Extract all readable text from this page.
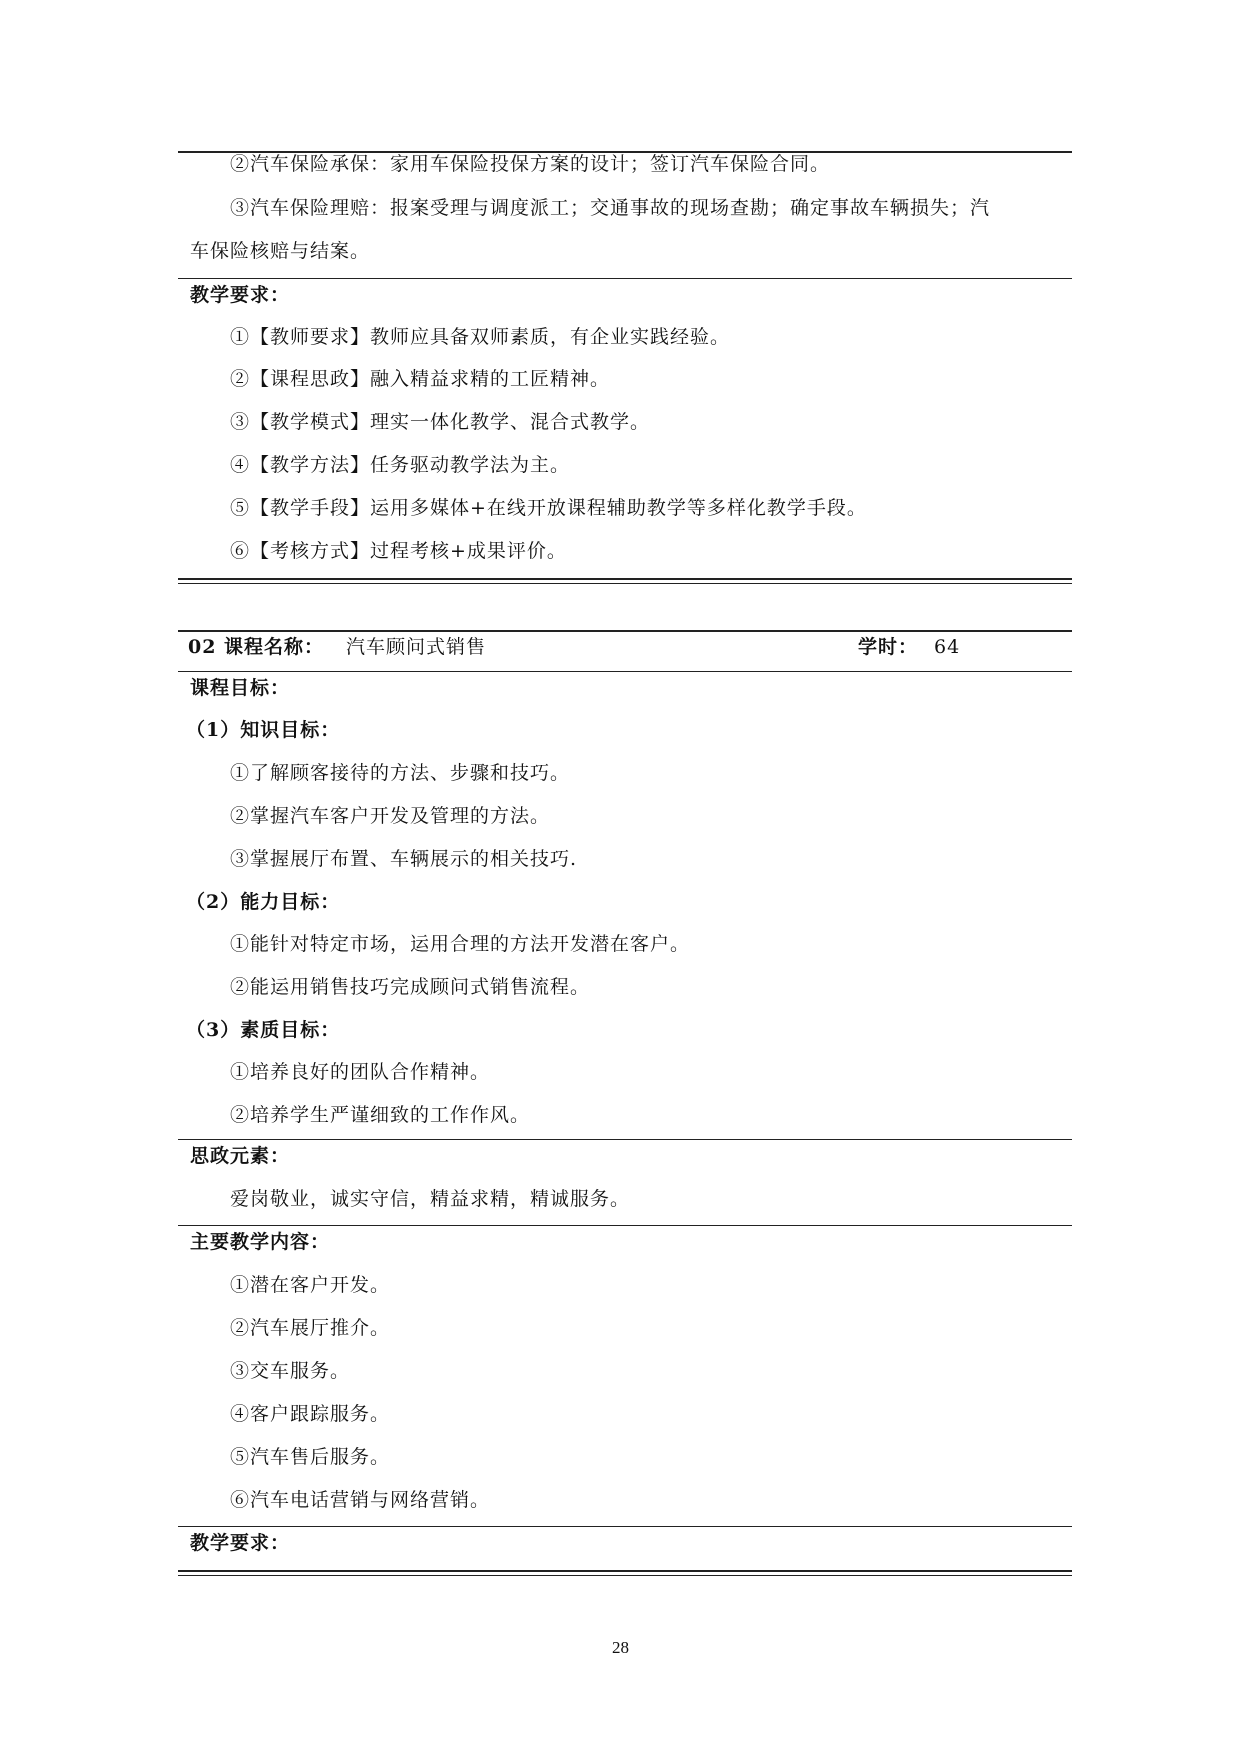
②汽车保险承保：家用车保险投保方案的设计；签订汽车保险合同。
③汽车保险理赔：报案受理与调度派工；交通事故的现场查勘；确定事故车辆损失；汽
车保险核赔与结案。
教学要求：
①【教师要求】教师应具备双师素质，有企业实践经验。
②【课程思政】融入精益求精的工匠精神。
③【教学模式】理实一体化教学、混合式教学。
④【教学方法】任务驱动教学法为主。
⑤【教学手段】运用多媒体+在线开放课程辅助教学等多样化教学手段。
⑥【考核方式】过程考核+成果评价。
02 课程名称： 汽车顾问式销售	学时： 64
课程目标：
（1）知识目标：
①了解顾客接待的方法、步骤和技巧。
②掌握汽车客户开发及管理的方法。
③掌握展厅布置、车辆展示的相关技巧.
（2）能力目标：
①能针对特定市场，运用合理的方法开发潜在客户。
②能运用销售技巧完成顾问式销售流程。
（3）素质目标：
①培养良好的团队合作精神。
②培养学生严谨细致的工作作风。
思政元素：
爱岗敬业，诚实守信，精益求精，精诚服务。
主要教学内容：
①潜在客户开发。
②汽车展厅推介。
③交车服务。
④客户跟踪服务。
⑤汽车售后服务。
⑥汽车电话营销与网络营销。
教学要求：
28
